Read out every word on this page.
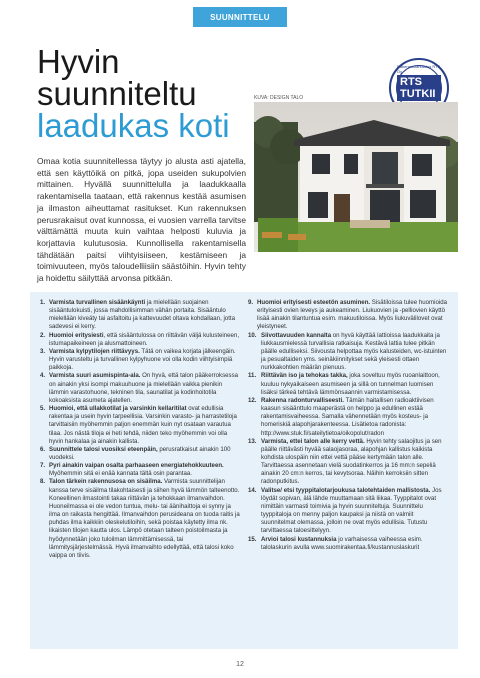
SUUNNITTELU
Hyvin
suunniteltu
laadukas koti
KUVA: DESIGN TALO
Rakennustarkastus RTS Oy
RTS TUTKII

Omaa kotia suunnitellessa täytyy jo alusta asti ajatella, että sen käyttöikä on pitkä, jopa useiden sukupolvien mittainen. Hyvällä suunnittelulla ja laadukkaalla rakentamisella taataan, että rakennus kestää asumisen ja ilmaston aiheuttamat rasitukset. Kun rakennuksen perusrakaisut ovat kunnossa, ei vuosien varrella tarvitse välttämättä muuta kuin vaihtaa helposti kuluvia ja korjattavia kulutusosia. Kunnollisella rakentamisella tähdätään paitsi viihtyisiiseen, kestämiseen ja toimivuuteen, myös taloudelliisiin säästöihin. Hyvin tehty ja hoidettu säilyttää arvonsa pitkään.

1. Varmista turvallinen sisäänkäynti ja mielellään suojainen sisääntulokuisti, jossa mahdollisimman vähän portaita. Sisääntulo mielellään kiveäty tai asfaltoitu ja kattevuudet oltava kohdallaan, jotta sadevesi ei kerry.
2. Huomioi eritysiesti, että sisääntulossa on riittävän väljä kulusteineen, istumapaikeineen ja alusmattoineen.
3. Varmista kylpytilojen riittävyys. Tätä on vaikea korjata jälkeengäin. Hyvin varusteltu ja turvallinen kylpyhuone voi olla kodin viihtyisimpiä paikkoja.
4. Varmista suuri asumispinta-ala. On hyvä, että talon pääkerroksessa on ainakin yksi isompi makuuhuone ja mielellään vaikka pienikin lämmin varastohuone, tekninen tila, saunatilat ja kodinhoitotila kokoaksista asumeta ajatellen.
5. Huomioi, että ullakkotilat ja varsinkin kellaritilat ovat edullisia rakentaa ja usein hyvin tarpeellisia. Varsinkin varasto- ja harrastetiloja tarvittaisiin myöhemmin paljon enemmän kuin nyt osataan varautua tilaa. Jos nästä tiloja ei heti tehdä, niiden teko myöhemmin voi olla hyvin hankalaa ja ainakin kallista.
6. Suunnittele talosi vuosiksi eteenpäin, perusratkaisut ainakin 100 vuodeksi.
7. Pyri ainakin vaipan osalta parhaaseen energiatehokkuuteen. Myöhemmin sitä ei enää kannata tältä osin parantaa.
8. Talon tärkein rakennusosa on sisäilma. Varmista suunnittelijan kanssa terve sisäilma tilakohtaisesti ja siihen hyvä lämmön talteenotto. Koneellinen ilmastointi takaa riittävän ja tehokkaan ilmanvaihdon. Huoneilmassa ei ole vedon tuntua, melu- tai äänihaittoja ei synny ja ilma on raikasta hengittää. Ilmanvaihdon perusideana on tuoda raitis ja puhdas ilma kaikkiin oleskelutiloihin, sekä poistaa käytetty ilma nk. likaisten tilojen kautta ulos. Lämpö otetaan talteen poistoilmasta ja hyödynnetään joko tuloilman lämmittämisessä, tai lämmitysjärjestelmässä. Hyvä ilmanvaihto edellyttää, että talosi koko vaippa on tiivis.
9. Huomioi erityisesti esteetön asuminen. Sisätiloissa tulee huomioida erityisesti ovien leveys ja aukeaminen. Liukuovien ja -pelliovien käyttö lisää ainakin tilantuntua esim. makuutiloissa. Myös liukuvälilovet ovat yleistyneet.
10. Siivottavuuden kannalta on hyvä käyttää lattioissa laadukkaita ja liukkausmielessä turvallisia ratkaisuja. Kestävä lattia tulee pitkän päälle edulliseksi. Siivousta helpottaa myös kalusteiden, wc-istuinten ja pesualtaiden yms. seinäkiinnitykset sekä yleisesti ottaen nurkkakohtien määrän pienuus.
11. Riittävän iso ja tehokas takka, joka soveltuu myös ruoanlaittoon, kuuluu nykyaikaiseen asumiseen ja sillä on tunnelman luomisen lisäksi tärkeä tehtävä lämmönsaannin varmistamisessa.
12. Rakenna radonturvalliseesti. Tämän haitallisen radioaktiivisen kaasun sisäänttulo maaperästä on helppo ja edullinen estää rakentamisvaiheessa. Samalla vähennetään myös kosteus- ja homeriskiä alapohjarakenteessa. Lisätietoa radonista: http://www.stuk.fi/sateilytietoa/oikopolut/radon
13. Varmista, ettei talon alle kerry vettä. Hyvin tehty salaojitus ja sen päälle riittävästi hyvää salaojasoraa, alapohjan kallistus kaikista kohdista ulospäin niin ettei vettä pääse kertymään talon alle. Tarvittaessa asennetaan vielä suodatinkerros ja 16 mm:n sepeliä ainakin 20 cm:n kerros, tai kevytsoraa. Näihin kerroksiin sitten radonputkitus.
14. Valitse/ etsi tyyppitalotarjoukusa talotehtaiden mallistosta. Jos löydät sopivan, älä lähde muuttamaan sitä liikaa. Tyyppitalot ovat nimittäin varmasti toimivia ja hyvin suunniteltuja. Suunnittelu tyyppitaloja on menny paljon kaupaksi ja niistä on valmiit suunnitelmat olemassa, jolloin ne ovat myös edullisia. Tutustu tarvittaessa taloesittelyyn.
15. Arvioi talosi kustannuksia jo varhaisessa vaiheessa esim. talolaskurin avulla www.suomirakentaa.fi/kustannuslaskurit
12
